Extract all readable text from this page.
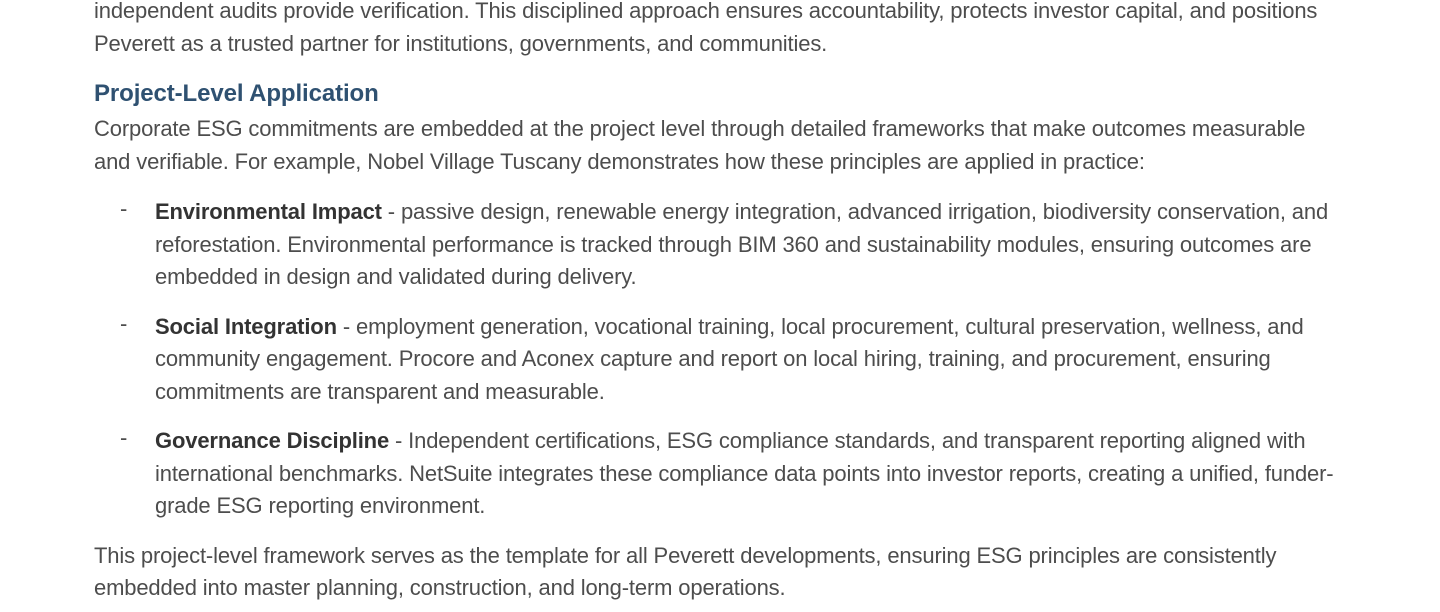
independent audits provide verification. This disciplined approach ensures accountability, protects investor capital, and positions Peverett as a trusted partner for institutions, governments, and communities.

Project-Level Application

Corporate ESG commitments are embedded at the project level through detailed frameworks that make outcomes measurable and verifiable. For example, Nobel Village Tuscany demonstrates how these principles are applied in practice:

- Environmental Impact - passive design, renewable energy integration, advanced irrigation, biodiversity conservation, and reforestation. Environmental performance is tracked through BIM 360 and sustainability modules, ensuring outcomes are embedded in design and validated during delivery.
- Social Integration - employment generation, vocational training, local procurement, cultural preservation, wellness, and community engagement. Procore and Aconex capture and report on local hiring, training, and procurement, ensuring commitments are transparent and measurable.
- Governance Discipline - Independent certifications, ESG compliance standards, and transparent reporting aligned with international benchmarks. NetSuite integrates these compliance data points into investor reports, creating a unified, funder-grade ESG reporting environment.

This project-level framework serves as the template for all Peverett developments, ensuring ESG principles are consistently embedded into master planning, construction, and long-term operations.
